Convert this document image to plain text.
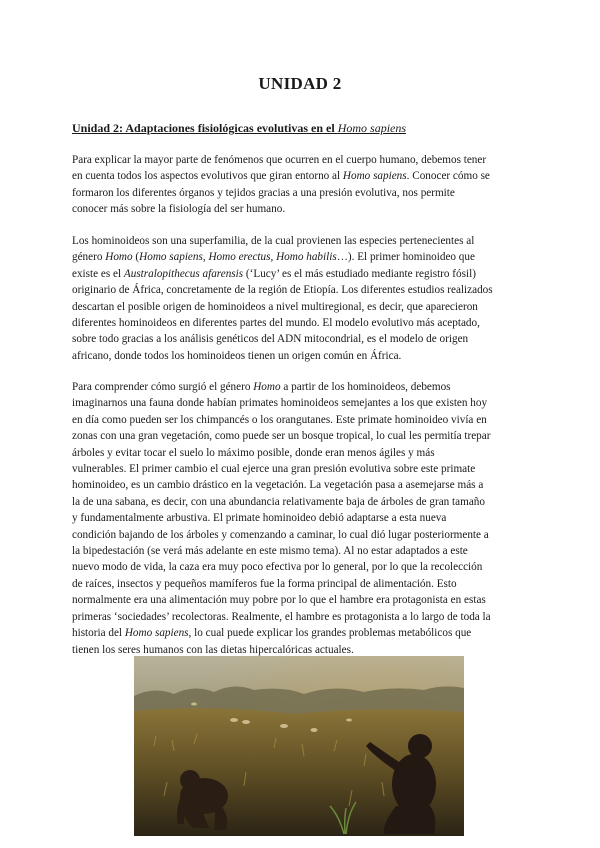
UNIDAD 2
Unidad 2: Adaptaciones fisiológicas evolutivas en el Homo sapiens
Para explicar la mayor parte de fenómenos que ocurren en el cuerpo humano, debemos tener
en cuenta todos los aspectos evolutivos que giran entorno al Homo sapiens. Conocer cómo se
formaron los diferentes órganos y tejidos gracias a una presión evolutiva, nos permite
conocer más sobre la fisiología del ser humano.
Los hominoideos son una superfamilia, de la cual provienen las especies pertenecientes al
género Homo (Homo sapiens, Homo erectus, Homo habilis…). El primer hominoideo que
existe es el Australopithecus afarensis (‘Lucy’ es el más estudiado mediante registro fósil)
originario de África, concretamente de la región de Etiopía. Los diferentes estudios realizados
descartan el posible origen de hominoideos a nivel multiregional, es decir, que aparecieron
diferentes hominoideos en diferentes partes del mundo. El modelo evolutivo más aceptado,
sobre todo gracias a los análisis genéticos del ADN mitocondrial, es el modelo de origen
africano, donde todos los hominoideos tienen un origen común en África.
Para comprender cómo surgió el género Homo a partir de los hominoideos, debemos
imaginarnos una fauna donde habían primates hominoideos semejantes a los que existen hoy
en día como pueden ser los chimpancés o los orangutanes. Este primate hominoideo vivía en
zonas con una gran vegetación, como puede ser un bosque tropical, lo cual les permitía trepar
árboles y evitar tocar el suelo lo máximo posible, donde eran menos ágiles y más
vulnerables. El primer cambio el cual ejerce una gran presión evolutiva sobre este primate
hominoideo, es un cambio drástico en la vegetación. La vegetación pasa a asemejarse más a
la de una sabana, es decir, con una abundancia relativamente baja de árboles de gran tamaño
y fundamentalmente arbustiva. El primate hominoideo debió adaptarse a esta nueva
condición bajando de los árboles y comenzando a caminar, lo cual dió lugar posteriormente a
la bipedestación (se verá más adelante en este mismo tema). Al no estar adaptados a este
nuevo modo de vida, la caza era muy poco efectiva por lo general, por lo que la recolección
de raíces, insectos y pequeños mamíferos fue la forma principal de alimentación. Esto
normalmente era una alimentación muy pobre por lo que el hambre era protagonista en estas
primeras ‘sociedades’ recolectoras. Realmente, el hambre es protagonista a lo largo de toda la
historia del Homo sapiens, lo cual puede explicar los grandes problemas metabólicos que
tienen los seres humanos con las dietas hipercalóricas actuales.
